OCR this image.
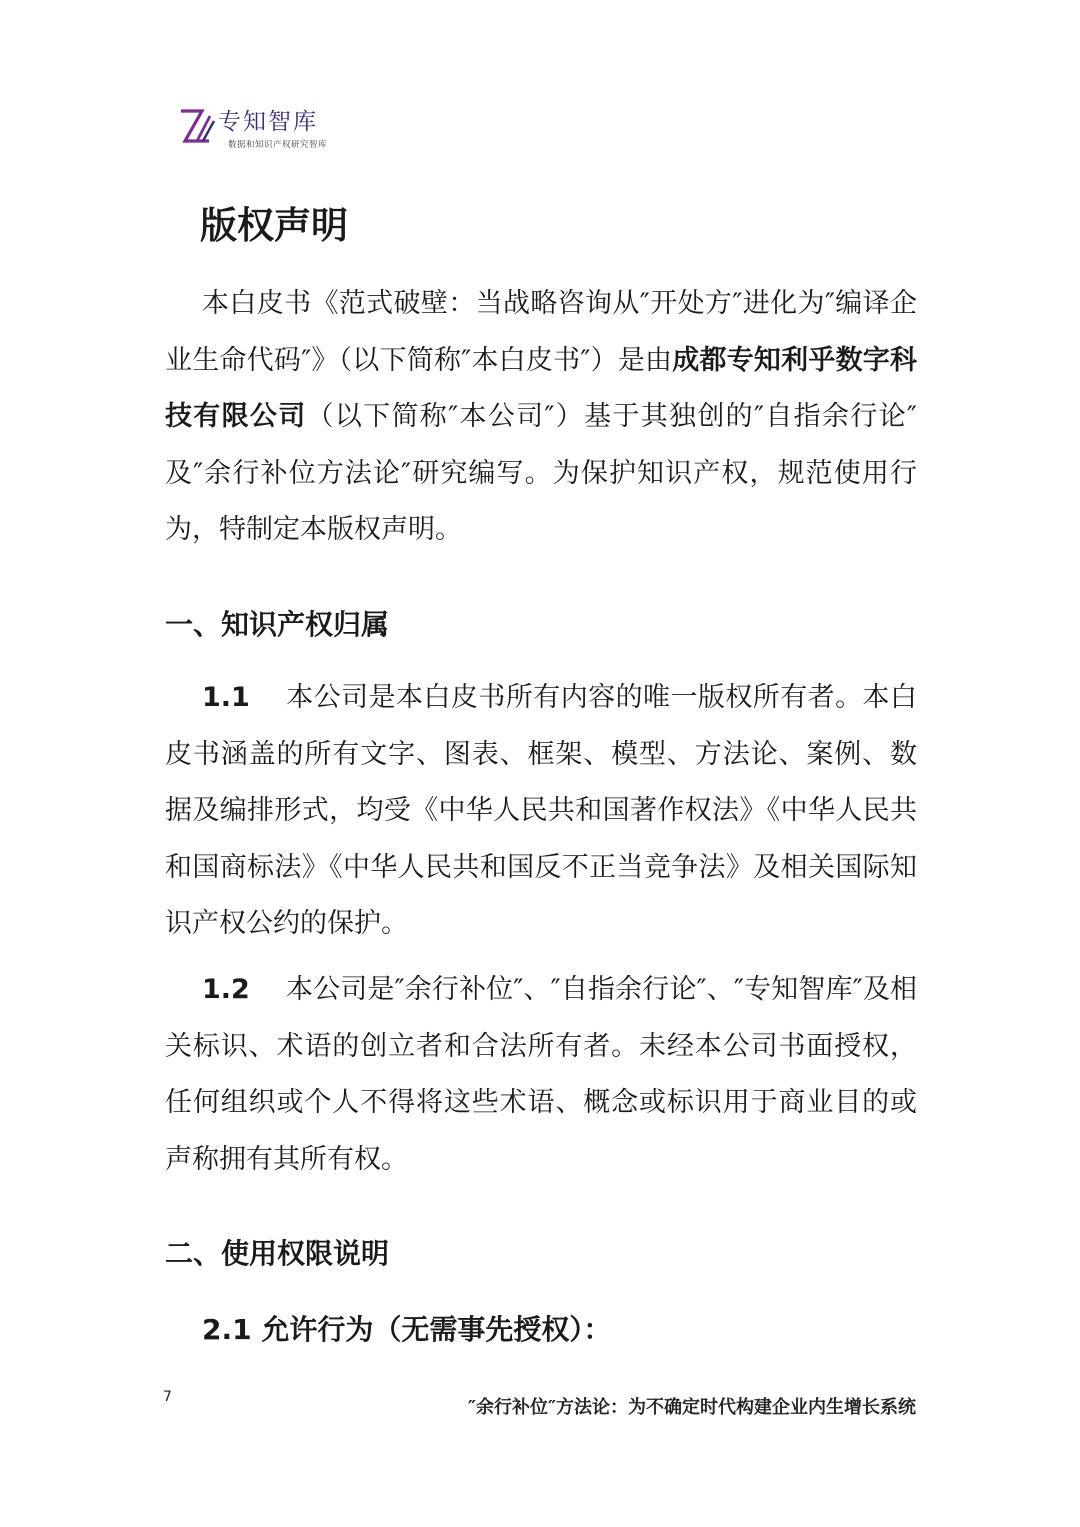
专知智库
数据和知识产权研究智库
版权声明

本白皮书《范式破壁：当战略咨询从″开处方″进化为″编译企业生命代码″》（以下简称″本白皮书″）是由成都专知利乎数字科技有限公司（以下简称″本公司″）基于其独创的″自指余行论″及″余行补位方法论″研究编写。为保护知识产权，规范使用行为，特制定本版权声明。

一、知识产权归属

1.1 本公司是本白皮书所有内容的唯一版权所有者。本白皮书涵盖的所有文字、图表、框架、模型、方法论、案例、数据及编排形式，均受《中华人民共和国著作权法》《中华人民共和国商标法》《中华人民共和国反不正当竞争法》及相关国际知识产权公约的保护。

1.2 本公司是″余行补位″、″自指余行论″、″专知智库″及相关标识、术语的创立者和合法所有者。未经本公司书面授权，任何组织或个人不得将这些术语、概念或标识用于商业目的或声称拥有其所有权。

二、使用权限说明
2.1 允许行为（无需事先授权）：
7	″余行补位″方法论：为不确定时代构建企业内生增长系统
